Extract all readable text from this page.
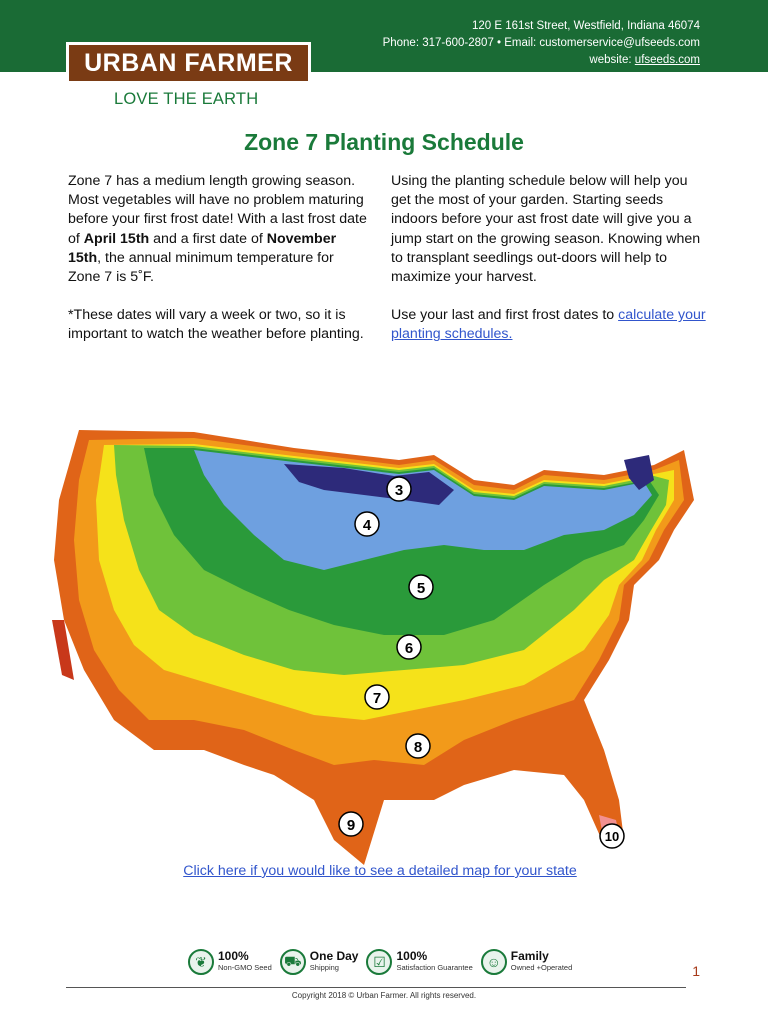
120 E 161st Street, Westfield, Indiana 46074
Phone: 317-600-2807 • Email: customerservice@ufseeds.com
website: ufseeds.com
URBAN FARMER
LOVE THE EARTH
Zone 7 Planting Schedule

Zone 7 has a medium length growing season. Most vegetables will have no problem maturing before your first frost date! With a last frost date of April 15th and a first date of November 15th, the annual minimum temperature for Zone 7 is 5˚F.

*These dates will vary a week or two, so it is important to watch the weather before planting.

Using the planting schedule below will help you get the most of your garden. Starting seeds indoors before your ast frost date will give you a jump start on the growing season. Knowing when to transplant seedlings out-doors will help to maximize your harvest.

Use your last and first frost dates to calculate your planting schedules.

3
4
5
6
7
8
9
10
Click here if you would like to see a detailed map for your state
❦ 100%
Non-GMO Seed ⛟ One Day
Shipping	☑ 100%
Satisfaction Guarantee ☺ Family
Owned +Operated	1
Copyright 2018 © Urban Farmer. All rights reserved.
